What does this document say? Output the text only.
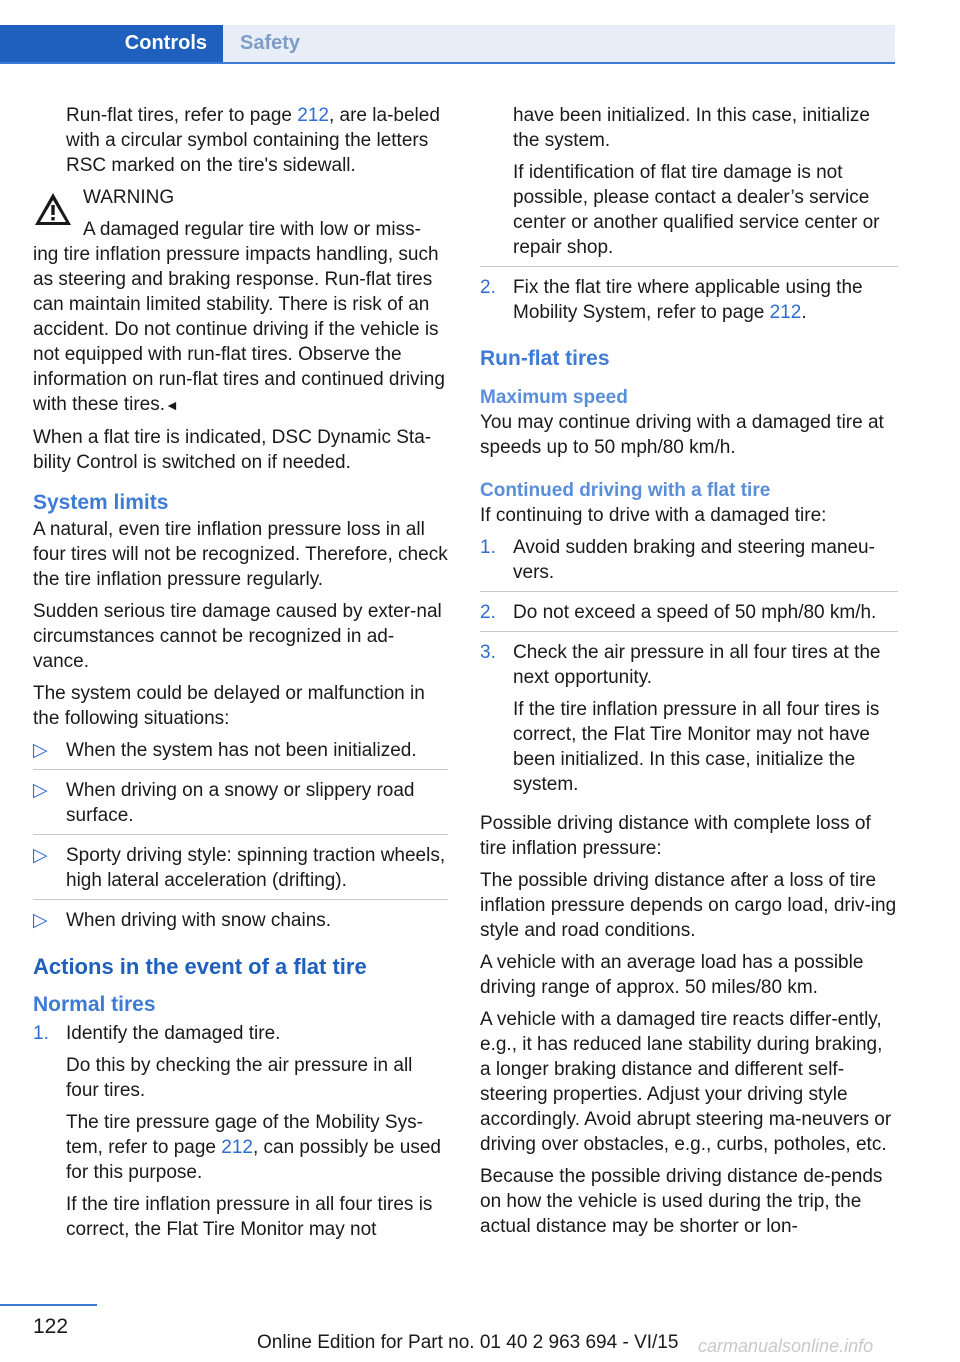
Controls	Safety

Run-flat tires, refer to page 212, are la-beled with a circular symbol containing the letters RSC marked on the tire's sidewall.

WARNING
A damaged regular tire with low or miss-
ing tire inflation pressure impacts handling, such as steering and braking response. Run-flat tires can maintain limited stability. There is risk of an accident. Do not continue driving if the vehicle is not equipped with run-flat tires. Observe the information on run-flat tires and continued driving with these tires.◄

When a flat tire is indicated, DSC Dynamic Sta-bility Control is switched on if needed.

System limits

A natural, even tire inflation pressure loss in all four tires will not be recognized. Therefore, check the tire inflation pressure regularly.

Sudden serious tire damage caused by exter-nal circumstances cannot be recognized in ad-vance.

The system could be delayed or malfunction in the following situations:

▷ When the system has not been initialized.
▷ When driving on a snowy or slippery road surface.
▷ Sporty driving style: spinning traction wheels, high lateral acceleration (drifting).
▷ When driving with snow chains.
Actions in the event of a flat tire
Normal tires
1. Identify the damaged tire.
Do this by checking the air pressure in all four tires.
The tire pressure gage of the Mobility Sys-tem, refer to page 212, can possibly be used for this purpose.
If the tire inflation pressure in all four tires is correct, the Flat Tire Monitor may not
have been initialized. In this case, initialize the system.
If identification of flat tire damage is not possible, please contact a dealer’s service center or another qualified service center or repair shop.
2. Fix the flat tire where applicable using the Mobility System, refer to page 212.
Run-flat tires
Maximum speed

You may continue driving with a damaged tire at speeds up to 50 mph/80 km/h.

Continued driving with a flat tire

If continuing to drive with a damaged tire:

1. Avoid sudden braking and steering maneu-vers.
2. Do not exceed a speed of 50 mph/80 km/h.
3. Check the air pressure in all four tires at the next opportunity.
If the tire inflation pressure in all four tires is correct, the Flat Tire Monitor may not have been initialized. In this case, initialize the system.

Possible driving distance with complete loss of tire inflation pressure:

The possible driving distance after a loss of tire inflation pressure depends on cargo load, driv-ing style and road conditions.

A vehicle with an average load has a possible driving range of approx. 50 miles/80 km.

A vehicle with a damaged tire reacts differ-ently, e.g., it has reduced lane stability during braking, a longer braking distance and different self-steering properties. Adjust your driving style accordingly. Avoid abrupt steering ma-neuvers or driving over obstacles, e.g., curbs, potholes, etc.

Because the possible driving distance de-pends on how the vehicle is used during the trip, the actual distance may be shorter or lon-

122
Online Edition for Part no. 01 40 2 963 694 - VI/15 carmanualsonline.info
